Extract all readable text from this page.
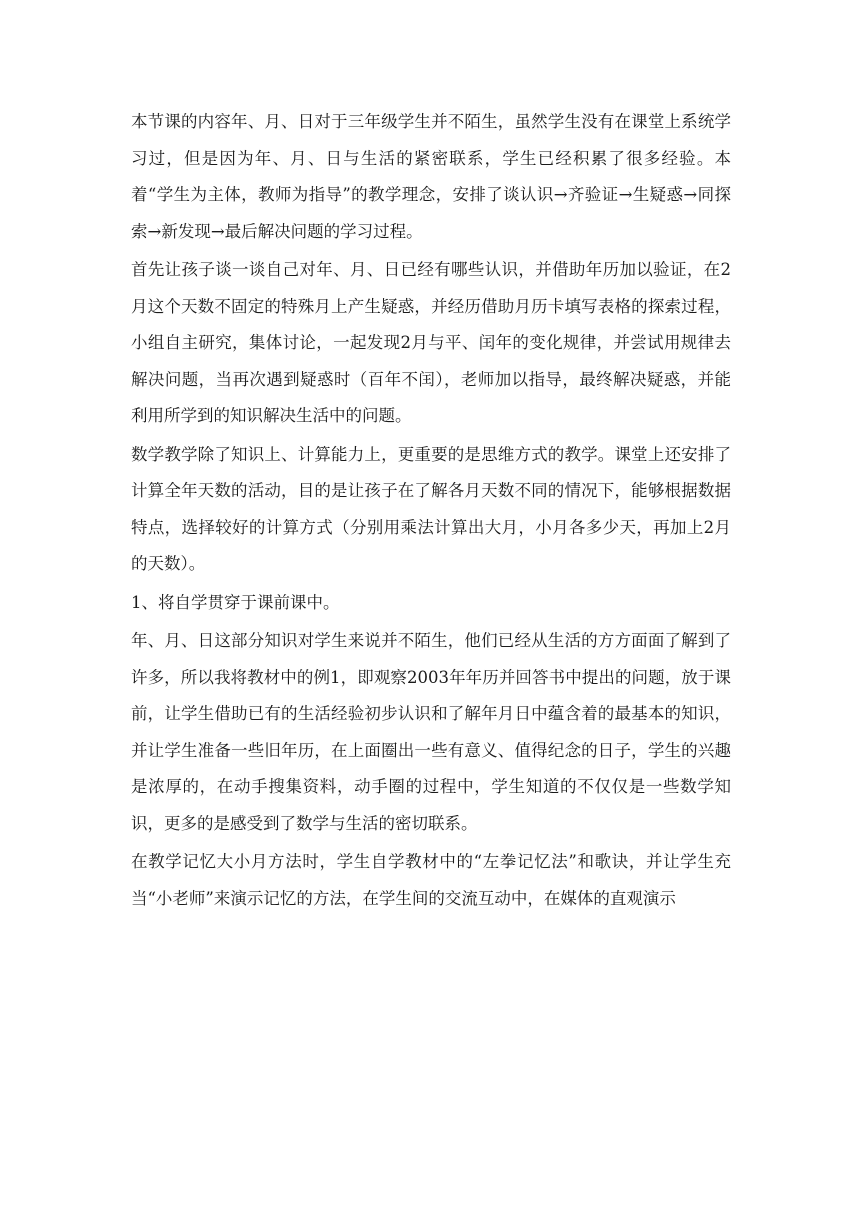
本节课的内容年、月、日对于三年级学生并不陌生，虽然学生没有在课堂上系统学习过，但是因为年、月、日与生活的紧密联系，学生已经积累了很多经验。本着“学生为主体，教师为指导”的教学理念，安排了谈认识→齐验证→生疑惑→同探索→新发现→最后解决问题的学习过程。

首先让孩子谈一谈自己对年、月、日已经有哪些认识，并借助年历加以验证，在2月这个天数不固定的特殊月上产生疑惑，并经历借助月历卡填写表格的探索过程，小组自主研究，集体讨论，一起发现2月与平、闰年的变化规律，并尝试用规律去解决问题，当再次遇到疑惑时（百年不闰），老师加以指导，最终解决疑惑，并能利用所学到的知识解决生活中的问题。

数学教学除了知识上、计算能力上，更重要的是思维方式的教学。课堂上还安排了计算全年天数的活动，目的是让孩子在了解各月天数不同的情况下，能够根据数据特点，选择较好的计算方式（分别用乘法计算出大月，小月各多少天，再加上2月的天数）。

1、将自学贯穿于课前课中。

年、月、日这部分知识对学生来说并不陌生，他们已经从生活的方方面面了解到了许多，所以我将教材中的例1，即观察2003年年历并回答书中提出的问题，放于课前，让学生借助已有的生活经验初步认识和了解年月日中蕴含着的最基本的知识，并让学生准备一些旧年历，在上面圈出一些有意义、值得纪念的日子，学生的兴趣是浓厚的，在动手搜集资料，动手圈的过程中，学生知道的不仅仅是一些数学知识，更多的是感受到了数学与生活的密切联系。

在教学记忆大小月方法时，学生自学教材中的“左拳记忆法”和歌诀，并让学生充当“小老师”来演示记忆的方法，在学生间的交流互动中，在媒体的直观演示
